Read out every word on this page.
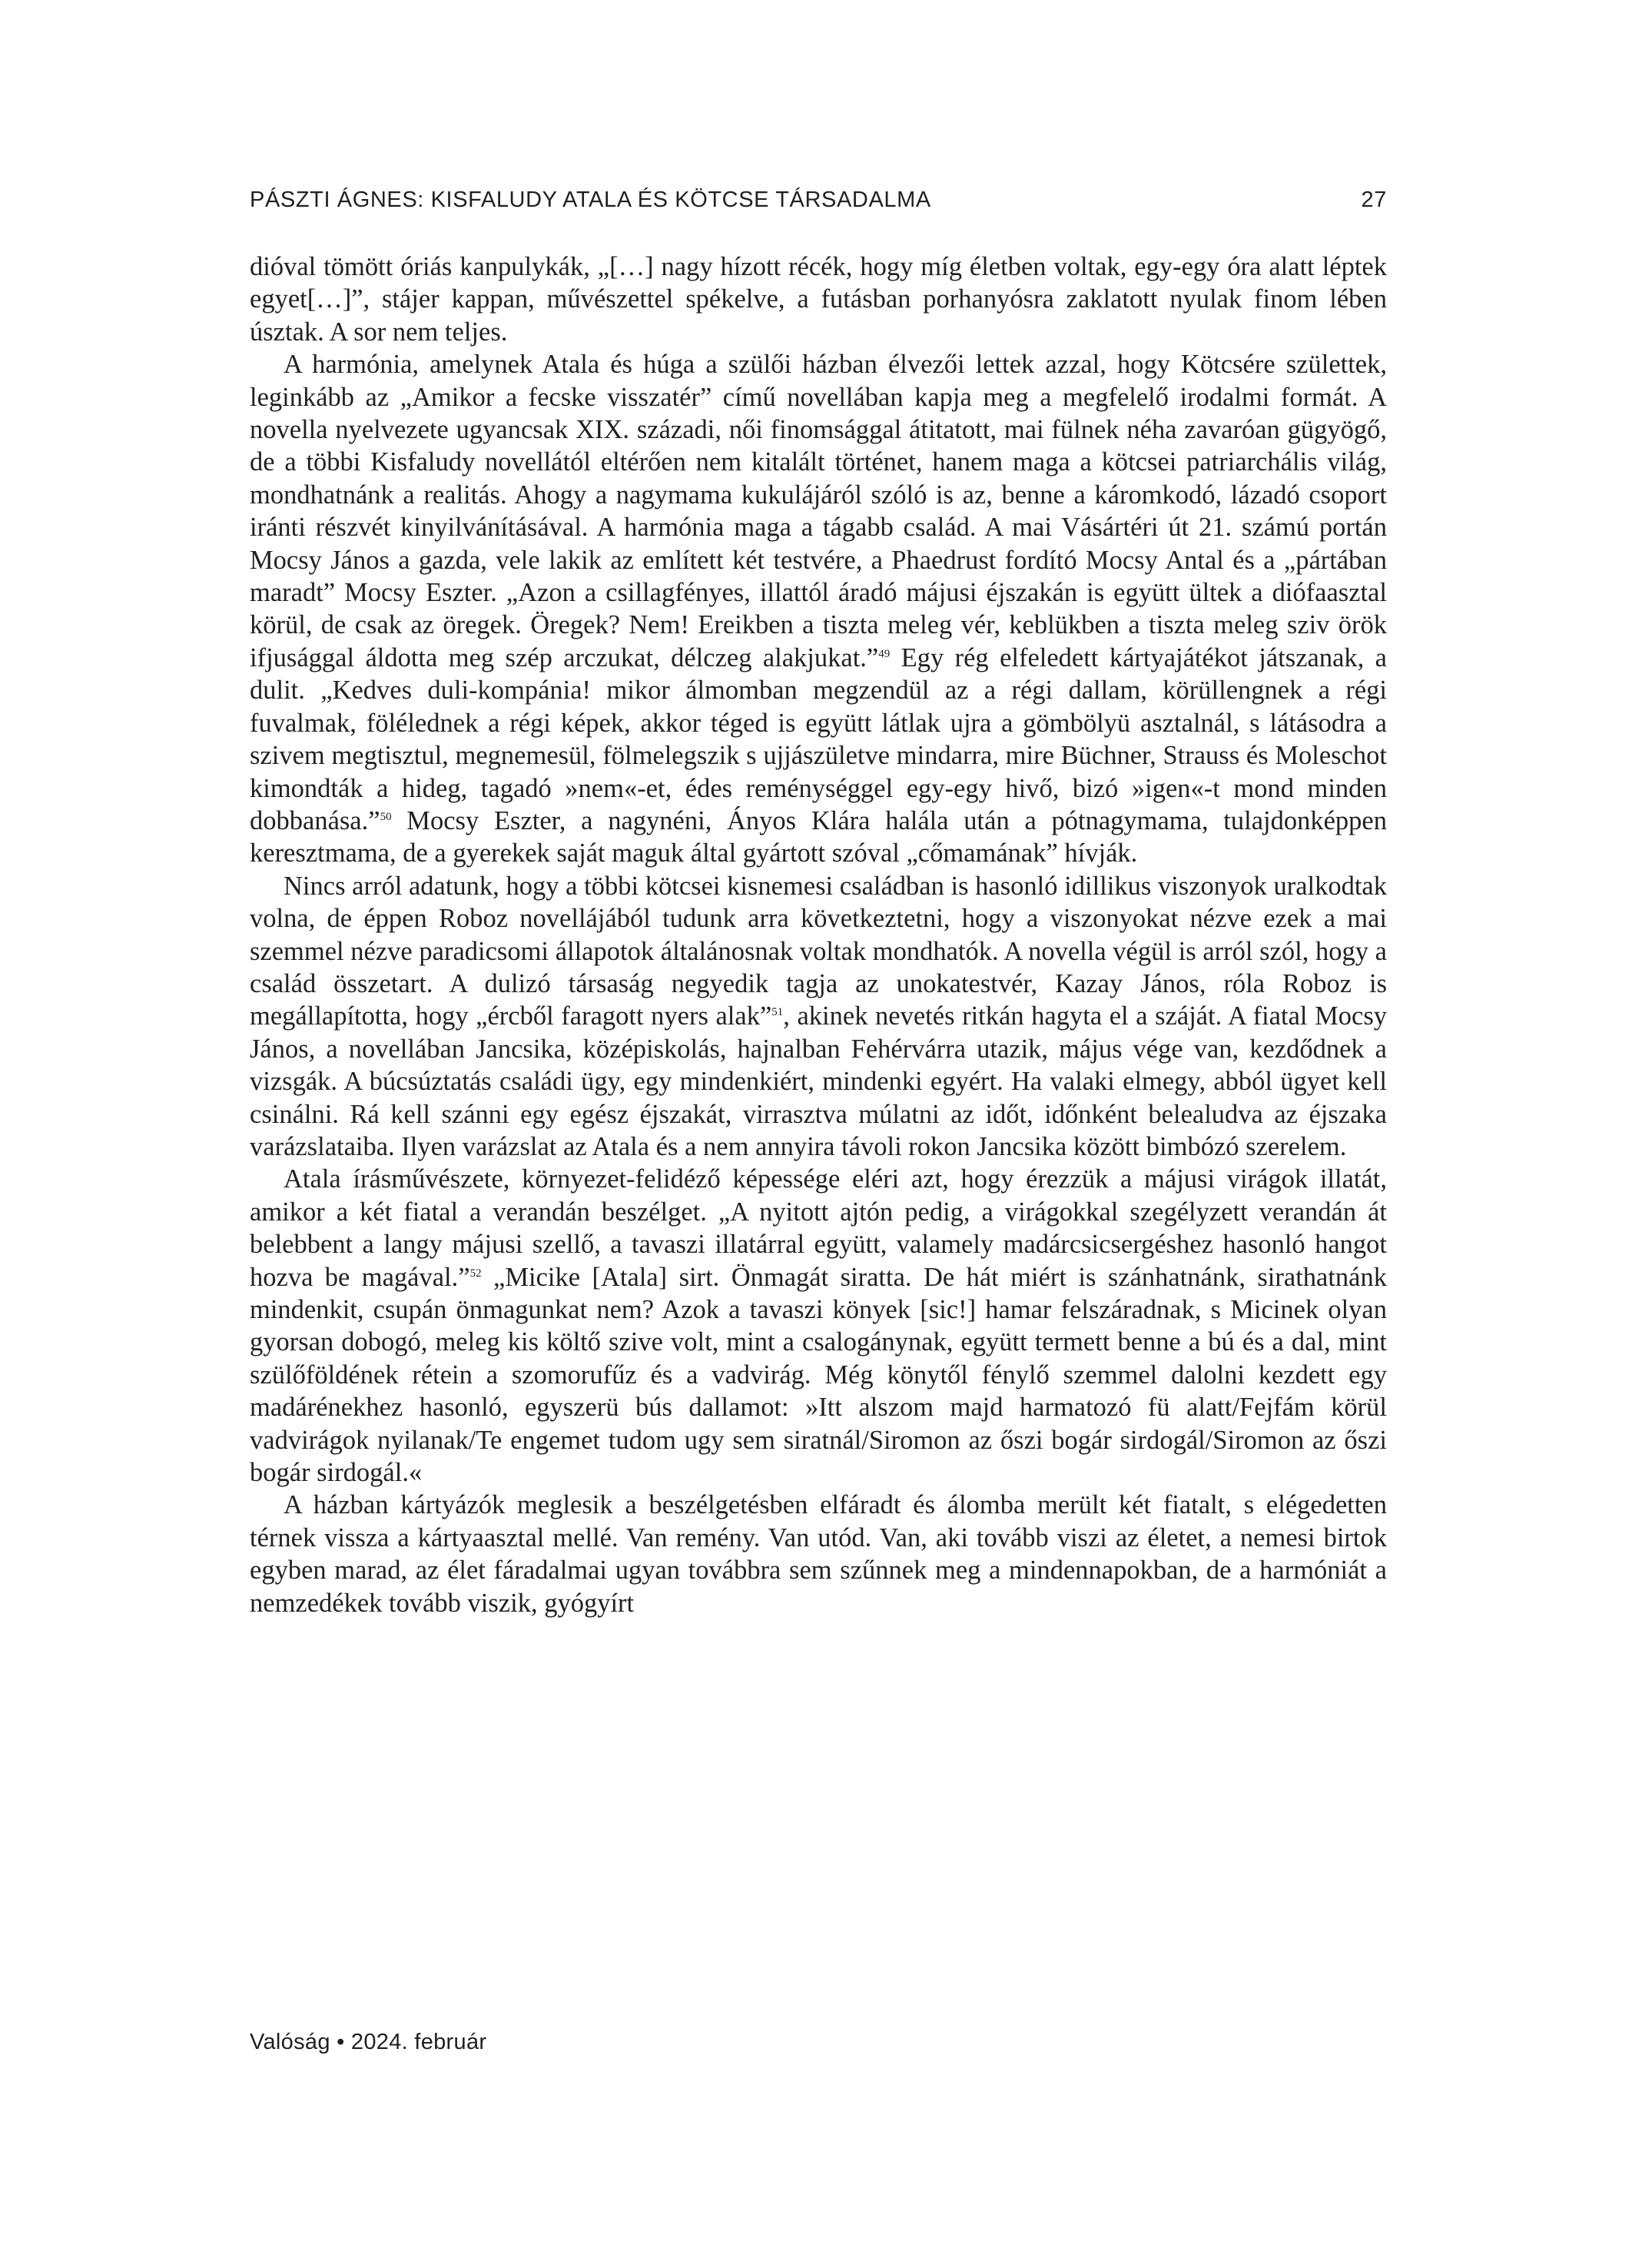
PÁSZTI ÁGNES: KISFALUDY ATALA ÉS KÖTCSE TÁRSADALMA	27

dióval tömött óriás kanpulykák, „[…] nagy hízott récék, hogy míg életben voltak, egy-egy óra alatt léptek egyet[…]”, stájer kappan, művészettel spékelve, a futásban porhanyósra zaklatott nyulak finom lében úsztak. A sor nem teljes.

A harmónia, amelynek Atala és húga a szülői házban élvezői lettek azzal, hogy Kötcsére születtek, leginkább az „Amikor a fecske visszatér” című novellában kapja meg a megfelelő irodalmi formát. A novella nyelvezete ugyancsak XIX. századi, női finomsággal átitatott, mai fülnek néha zavaróan gügyögő, de a többi Kisfaludy novellától eltérően nem kitalált történet, hanem maga a kötcsei patriarchális világ, mondhatnánk a realitás. Ahogy a nagymama kukulájáról szóló is az, benne a káromkodó, lázadó csoport iránti részvét kinyilvánításával. A harmónia maga a tágabb család. A mai Vásártéri út 21. számú portán Mocsy János a gazda, vele lakik az említett két testvére, a Phaedrust fordító Mocsy Antal és a „pártában maradt” Mocsy Eszter. „Azon a csillagfényes, illattól áradó májusi éjszakán is együtt ültek a diófaasztal körül, de csak az öregek. Öregek? Nem! Ereikben a tiszta meleg vér, keblükben a tiszta meleg sziv örök ifjusággal áldotta meg szép arczukat, délczeg alakjukat.”$^{49}$ Egy rég elfeledett kártyajátékot játszanak, a dulit. „Kedves duli-kompánia! mikor álmomban megzendül az a régi dallam, körüllengnek a régi fuvalmak, fölélednek a régi képek, akkor téged is együtt látlak ujra a gömbölyü asztalnál, s látásodra a szivem megtisztul, megnemesül, fölmelegszik s ujjászületve mindarra, mire Büchner, Strauss és Moleschot kimondták a hideg, tagadó »nem«-et, édes reménységgel egy-egy hivő, bizó »igen«-t mond minden dobbanása.”$^{50}$ Mocsy Eszter, a nagynéni, Ányos Klára halála után a pótnagymama, tulajdonképpen keresztmama, de a gyerekek saját maguk által gyártott szóval „cőmamának” hívják.

Nincs arról adatunk, hogy a többi kötcsei kisnemesi családban is hasonló idillikus viszonyok uralkodtak volna, de éppen Roboz novellájából tudunk arra következtetni, hogy a viszonyokat nézve ezek a mai szemmel nézve paradicsomi állapotok általánosnak voltak mondhatók. A novella végül is arról szól, hogy a család összetart. A dulizó társaság negyedik tagja az unokatestvér, Kazay János, róla Roboz is megállapította, hogy „ércből faragott nyers alak”$^{51}$, akinek nevetés ritkán hagyta el a száját. A fiatal Mocsy János, a novellában Jancsika, középiskolás, hajnalban Fehérvárra utazik, május vége van, kezdődnek a vizsgák. A búcsúztatás családi ügy, egy mindenkiért, mindenki egyért. Ha valaki elmegy, abból ügyet kell csinálni. Rá kell szánni egy egész éjszakát, virrasztva múlatni az időt, időnként belealudva az éjszaka varázslataiba. Ilyen varázslat az Atala és a nem annyira távoli rokon Jancsika között bimbózó szerelem.

Atala írásművészete, környezet-felidéző képessége eléri azt, hogy érezzük a májusi virágok illatát, amikor a két fiatal a verandán beszélget. „A nyitott ajtón pedig, a virágokkal szegélyzett verandán át belebbent a langy májusi szellő, a tavaszi illatárral együtt, valamely madárcsicsergéshez hasonló hangot hozva be magával.”$^{52}$ „Micike [Atala] sirt. Önmagát siratta. De hát miért is szánhatnánk, sirathatnánk mindenkit, csupán önmagunkat nem? Azok a tavaszi könyek [sic!] hamar felszáradnak, s Micinek olyan gyorsan dobogó, meleg kis költő szive volt, mint a csalogánynak, együtt termett benne a bú és a dal, mint szülőföldének rétein a szomorufűz és a vadvirág. Még könytől fénylő szemmel dalolni kezdett egy madárénekhez hasonló, egyszerü bús dallamot: »Itt alszom majd harmatozó fü alatt/Fejfám körül vadvirágok nyilanak/Te engemet tudom ugy sem siratnál/Siromon az őszi bogár sirdogál/Siromon az őszi bogár sirdogál.«

A házban kártyázók meglesik a beszélgetésben elfáradt és álomba merült két fiatalt, s elégedetten térnek vissza a kártyaasztal mellé. Van remény. Van utód. Van, aki tovább viszi az életet, a nemesi birtok egyben marad, az élet fáradalmai ugyan továbbra sem szűnnek meg a mindennapokban, de a harmóniát a nemzedékek tovább viszik, gyógyírt

Valóság • 2024. február
